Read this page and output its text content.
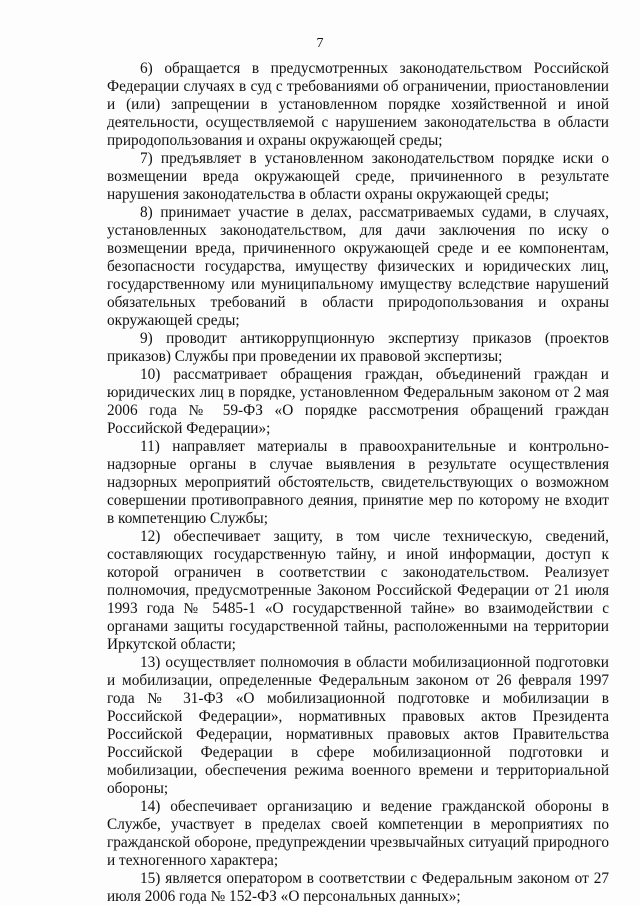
7

6) обращается в предусмотренных законодательством Российской Федерации случаях в суд с требованиями об ограничении, приостановлении и (или) запрещении в установленном порядке хозяйственной и иной деятельности, осуществляемой с нарушением законодательства в области природопользования и охраны окружающей среды;

7) предъявляет в установленном законодательством порядке иски о возмещении вреда окружающей среде, причиненного в результате нарушения законодательства в области охраны окружающей среды;

8) принимает участие в делах, рассматриваемых судами, в случаях, установленных законодательством, для дачи заключения по иску о возмещении вреда, причиненного окружающей среде и ее компонентам, безопасности государства, имуществу физических и юридических лиц, государственному или муниципальному имуществу вследствие нарушений обязательных требований в области природопользования и охраны окружающей среды;

9) проводит антикоррупционную экспертизу приказов (проектов приказов) Службы при проведении их правовой экспертизы;

10) рассматривает обращения граждан, объединений граждан и юридических лиц в порядке, установленном Федеральным законом от 2 мая 2006 года № 59-ФЗ «О порядке рассмотрения обращений граждан Российской Федерации»;

11) направляет материалы в правоохранительные и контрольно-надзорные органы в случае выявления в результате осуществления надзорных мероприятий обстоятельств, свидетельствующих о возможном совершении противоправного деяния, принятие мер по которому не входит в компетенцию Службы;

12) обеспечивает защиту, в том числе техническую, сведений, составляющих государственную тайну, и иной информации, доступ к которой ограничен в соответствии с законодательством. Реализует полномочия, предусмотренные Законом Российской Федерации от 21 июля 1993 года № 5485-1 «О государственной тайне» во взаимодействии с органами защиты государственной тайны, расположенными на территории Иркутской области;

13) осуществляет полномочия в области мобилизационной подготовки и мобилизации, определенные Федеральным законом от 26 февраля 1997 года № 31-ФЗ «О мобилизационной подготовке и мобилизации в Российской Федерации», нормативных правовых актов Президента Российской Федерации, нормативных правовых актов Правительства Российской Федерации в сфере мобилизационной подготовки и мобилизации, обеспечения режима военного времени и территориальной обороны;

14) обеспечивает организацию и ведение гражданской обороны в Службе, участвует в пределах своей компетенции в мероприятиях по гражданской обороне, предупреждении чрезвычайных ситуаций природного и техногенного характера;

15) является оператором в соответствии с Федеральным законом от 27 июля 2006 года № 152-ФЗ «О персональных данных»;
